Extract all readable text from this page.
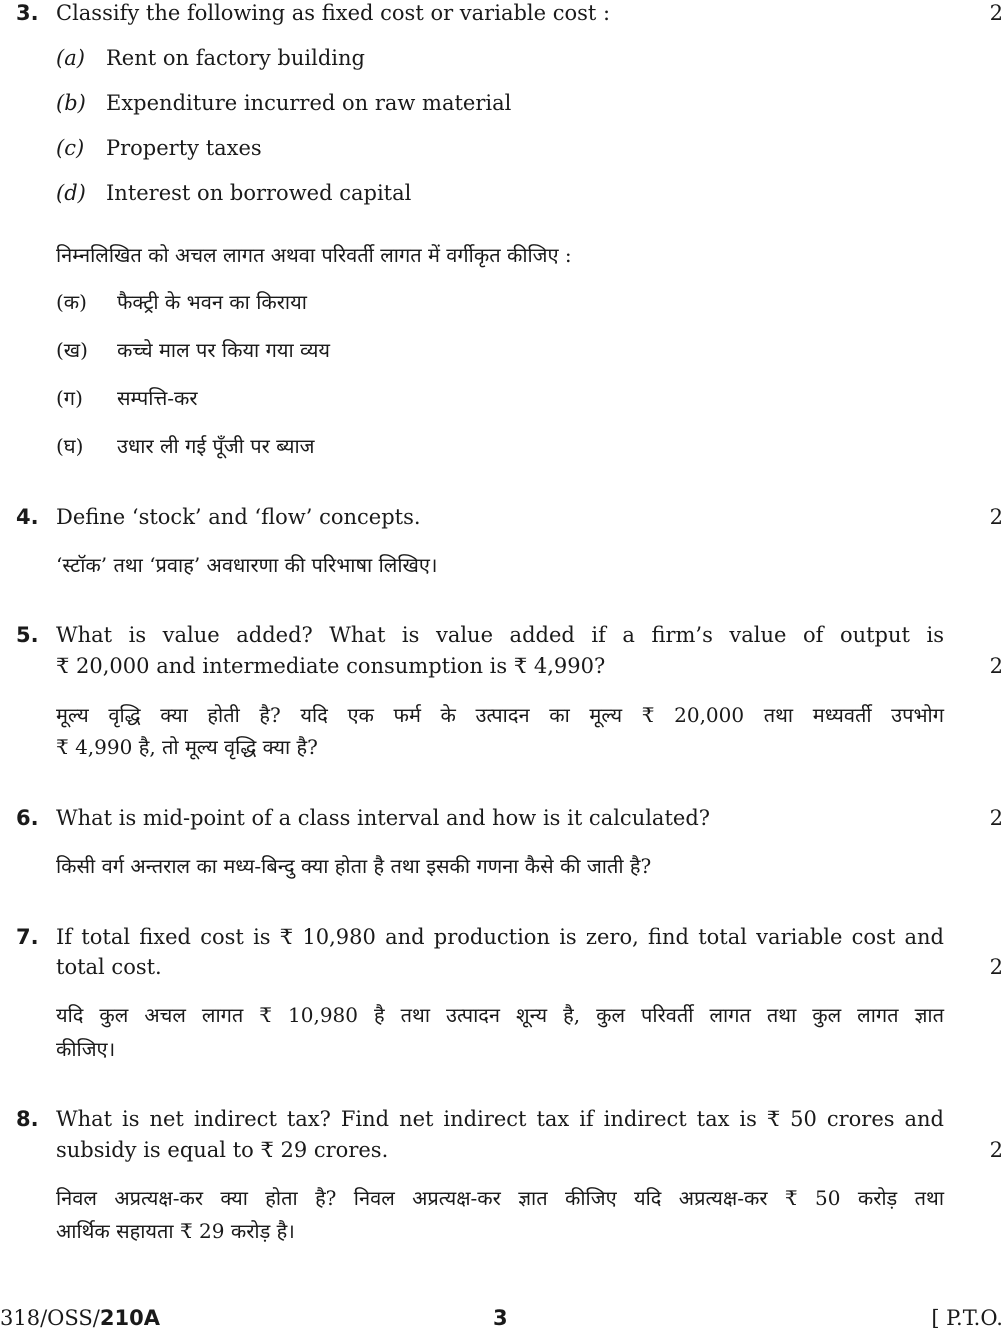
3. Classify the following as fixed cost or variable cost :	2
(a) Rent on factory building
(b) Expenditure incurred on raw material
(c) Property taxes
(d) Interest on borrowed capital
निम्नलिखित को अचल लागत अथवा परिवर्ती लागत में वर्गीकृत कीजिए :
(क) फैक्ट्री के भवन का किराया
(ख) कच्चे माल पर किया गया व्यय
(ग) सम्पत्ति-कर
(घ) उधार ली गई पूँजी पर ब्याज
4. Define ‘stock’ and ‘flow’ concepts.	2
‘स्टॉक’ तथा ‘प्रवाह’ अवधारणा की परिभाषा लिखिए।
5. What is value added? What is value added if a firm’s value of output is
₹ 20,000 and intermediate consumption is ₹ 4,990?	2
मूल्य वृद्धि क्या होती है? यदि एक फर्म के उत्पादन का मूल्य ₹ 20,000 तथा मध्यवर्ती उपभोग
₹ 4,990 है, तो मूल्य वृद्धि क्या है?
6. What is mid-point of a class interval and how is it calculated?	2
किसी वर्ग अन्तराल का मध्य-बिन्दु क्या होता है तथा इसकी गणना कैसे की जाती है?
7. If total fixed cost is ₹ 10,980 and production is zero, find total variable cost and
total cost.	2
यदि कुल अचल लागत ₹ 10,980 है तथा उत्पादन शून्य है, कुल परिवर्ती लागत तथा कुल लागत ज्ञात
कीजिए।
8. What is net indirect tax? Find net indirect tax if indirect tax is ₹ 50 crores and
subsidy is equal to ₹ 29 crores.	2
निवल अप्रत्यक्ष-कर क्या होता है? निवल अप्रत्यक्ष-कर ज्ञात कीजिए यदि अप्रत्यक्ष-कर ₹ 50 करोड़ तथा
आर्थिक सहायता ₹ 29 करोड़ है।
318/OSS/210A	3	[ P.T.O.
